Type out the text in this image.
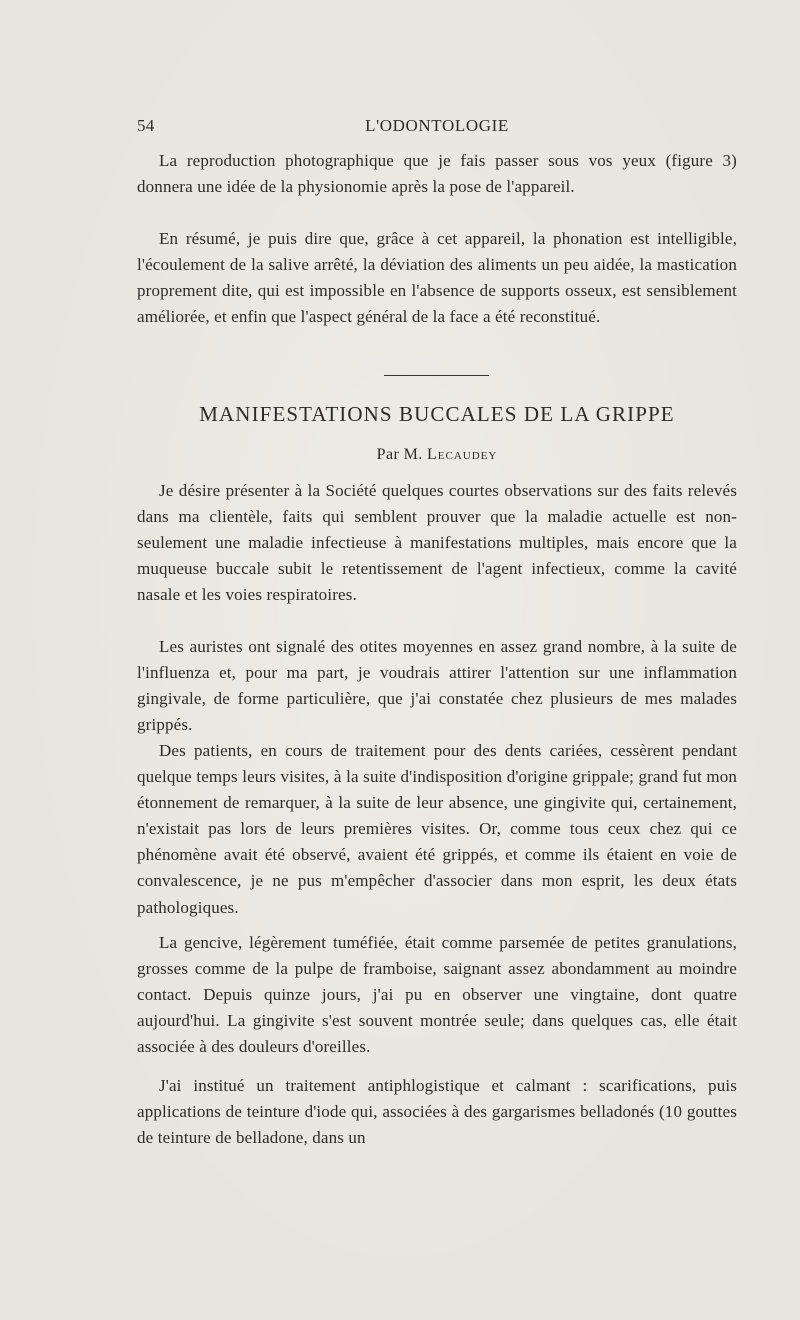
54	L'ODONTOLOGIE

La reproduction photographique que je fais passer sous vos yeux (figure 3) donnera une idée de la physionomie après la pose de l'appareil.

En résumé, je puis dire que, grâce à cet appareil, la phonation est intelligible, l'écoulement de la salive arrêté, la déviation des aliments un peu aidée, la mastication proprement dite, qui est impossible en l'absence de supports osseux, est sensiblement améliorée, et enfin que l'aspect général de la face a été reconstitué.

MANIFESTATIONS BUCCALES DE LA GRIPPE
Par M. Lecaudey

Je désire présenter à la Société quelques courtes observations sur des faits relevés dans ma clientèle, faits qui semblent prouver que la maladie actuelle est non-seulement une maladie infectieuse à manifestations multiples, mais encore que la muqueuse buccale subit le retentissement de l'agent infectieux, comme la cavité nasale et les voies respiratoires.

Les auristes ont signalé des otites moyennes en assez grand nombre, à la suite de l'influenza et, pour ma part, je voudrais attirer l'attention sur une inflammation gingivale, de forme particulière, que j'ai constatée chez plusieurs de mes malades grippés.

Des patients, en cours de traitement pour des dents cariées, cessèrent pendant quelque temps leurs visites, à la suite d'indisposition d'origine grippale; grand fut mon étonnement de remarquer, à la suite de leur absence, une gingivite qui, certainement, n'existait pas lors de leurs premières visites. Or, comme tous ceux chez qui ce phénomène avait été observé, avaient été grippés, et comme ils étaient en voie de convalescence, je ne pus m'empêcher d'associer dans mon esprit, les deux états pathologiques.

La gencive, légèrement tuméfiée, était comme parsemée de petites granulations, grosses comme de la pulpe de framboise, saignant assez abondamment au moindre contact. Depuis quinze jours, j'ai pu en observer une vingtaine, dont quatre aujourd'hui. La gingivite s'est souvent montrée seule; dans quelques cas, elle était associée à des douleurs d'oreilles.

J'ai institué un traitement antiphlogistique et calmant : scarifications, puis applications de teinture d'iode qui, associées à des gargarismes belladonés (10 gouttes de teinture de belladone, dans un
